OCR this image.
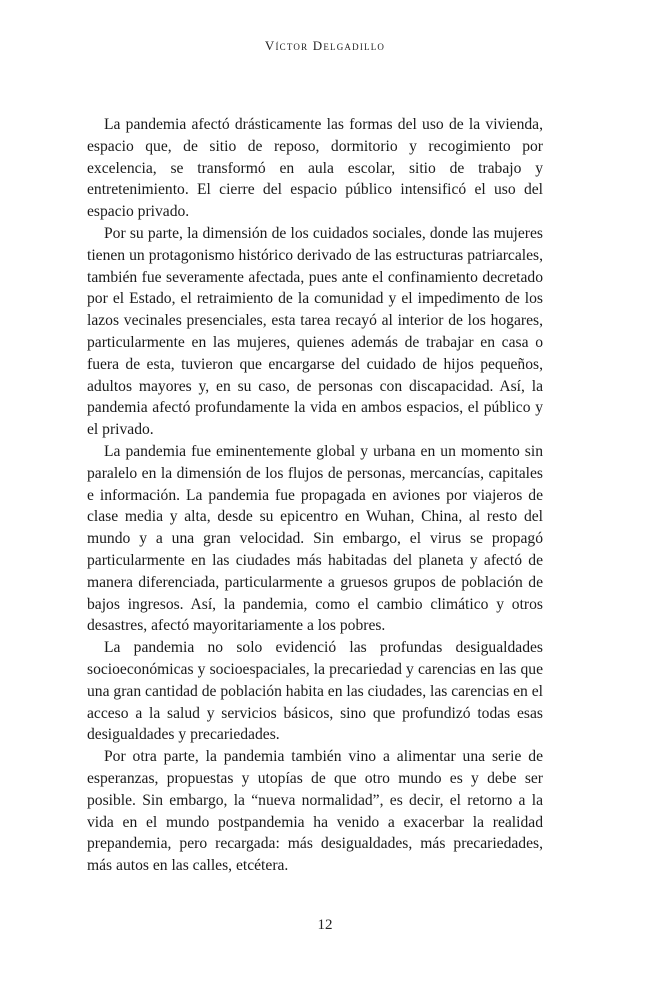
Víctor Delgadillo

La pandemia afectó drásticamente las formas del uso de la vivienda, espacio que, de sitio de reposo, dormitorio y recogimiento por excelencia, se transformó en aula escolar, sitio de trabajo y entretenimiento. El cierre del espacio público intensificó el uso del espacio privado.

Por su parte, la dimensión de los cuidados sociales, donde las mujeres tienen un protagonismo histórico derivado de las estructuras patriarcales, también fue severamente afectada, pues ante el confinamiento decretado por el Estado, el retraimiento de la comunidad y el impedimento de los lazos vecinales presenciales, esta tarea recayó al interior de los hogares, particularmente en las mujeres, quienes además de trabajar en casa o fuera de esta, tuvieron que encargarse del cuidado de hijos pequeños, adultos mayores y, en su caso, de personas con discapacidad. Así, la pandemia afectó profundamente la vida en ambos espacios, el público y el privado.

La pandemia fue eminentemente global y urbana en un momento sin paralelo en la dimensión de los flujos de personas, mercancías, capitales e información. La pandemia fue propagada en aviones por viajeros de clase media y alta, desde su epicentro en Wuhan, China, al resto del mundo y a una gran velocidad. Sin embargo, el virus se propagó particularmente en las ciudades más habitadas del planeta y afectó de manera diferenciada, particularmente a gruesos grupos de población de bajos ingresos. Así, la pandemia, como el cambio climático y otros desastres, afectó mayoritariamente a los pobres.

La pandemia no solo evidenció las profundas desigualdades socioeconómicas y socioespaciales, la precariedad y carencias en las que una gran cantidad de población habita en las ciudades, las carencias en el acceso a la salud y servicios básicos, sino que profundizó todas esas desigualdades y precariedades.

Por otra parte, la pandemia también vino a alimentar una serie de esperanzas, propuestas y utopías de que otro mundo es y debe ser posible. Sin embargo, la “nueva normalidad”, es decir, el retorno a la vida en el mundo postpandemia ha venido a exacerbar la realidad prepandemia, pero recargada: más desigualdades, más precariedades, más autos en las calles, etcétera.

12
